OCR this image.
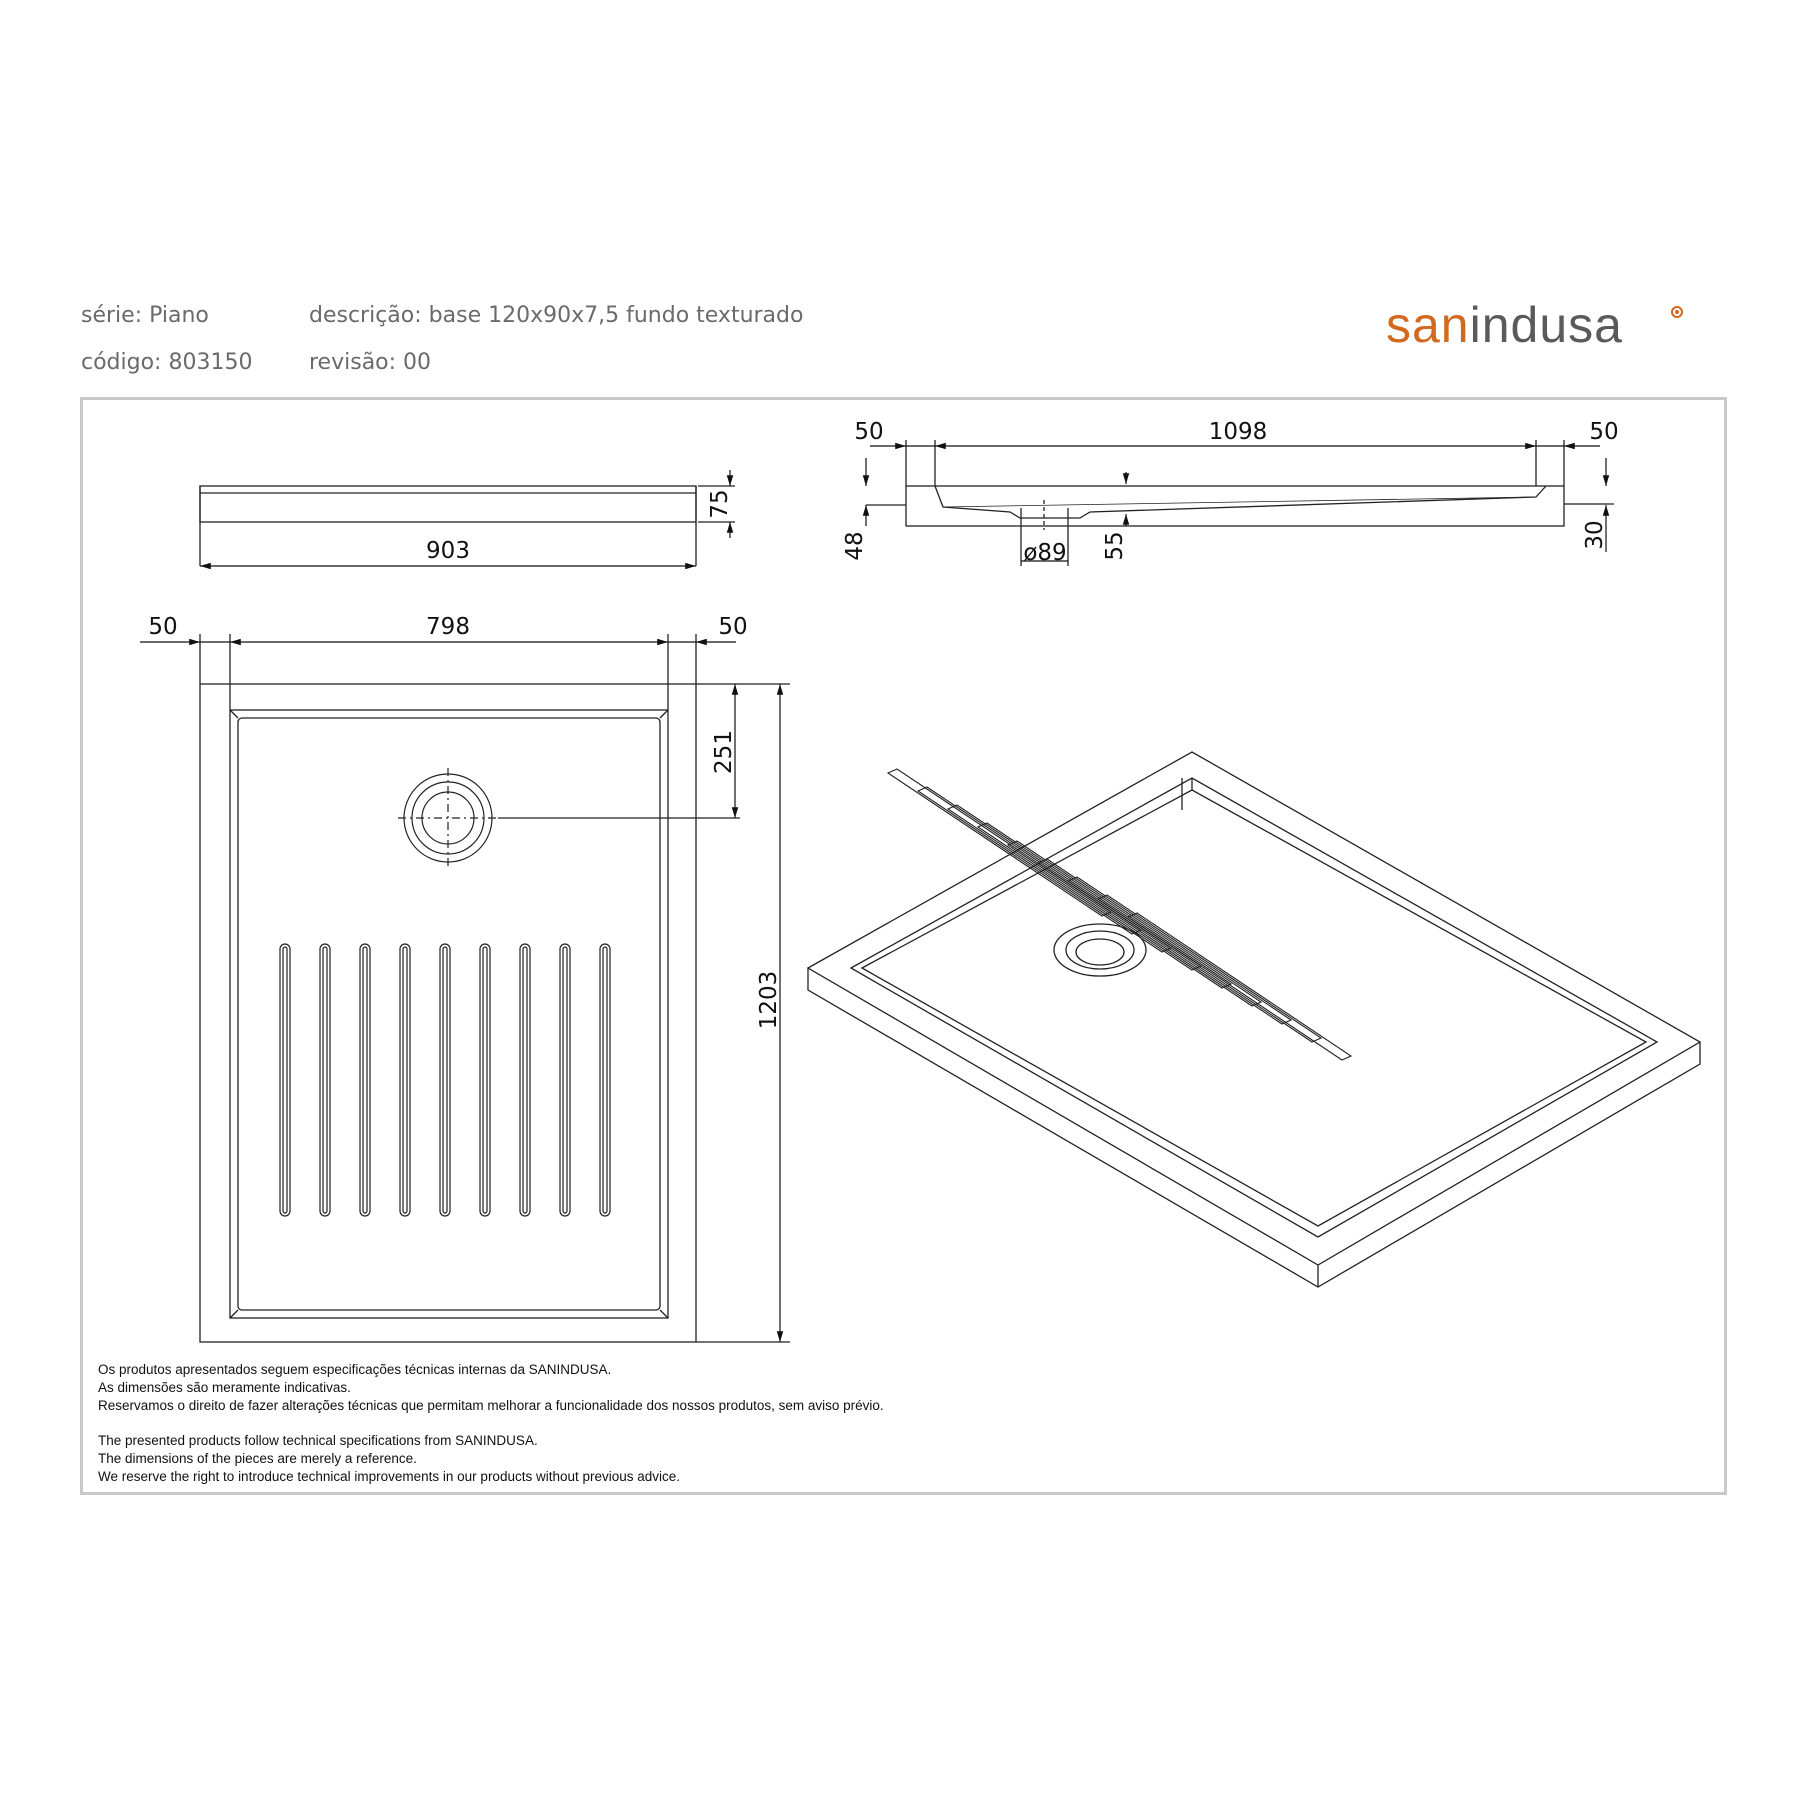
série: Piano	descrição: base 120x90x7,5 fundo texturado
código: 803150	revisão: 00
sanindusa
75
903
50	1098	50
48	ø89 55	30
50	798	50
251
1203
Os produtos apresentados seguem especificações técnicas internas da SANINDUSA.
As dimensões são meramente indicativas.
Reservamos o direito de fazer alterações técnicas que permitam melhorar a funcionalidade dos nossos produtos, sem aviso prévio.
The presented products follow technical specifications from SANINDUSA.
The dimensions of the pieces are merely a reference.
We reserve the right to introduce technical improvements in our products without previous advice.
